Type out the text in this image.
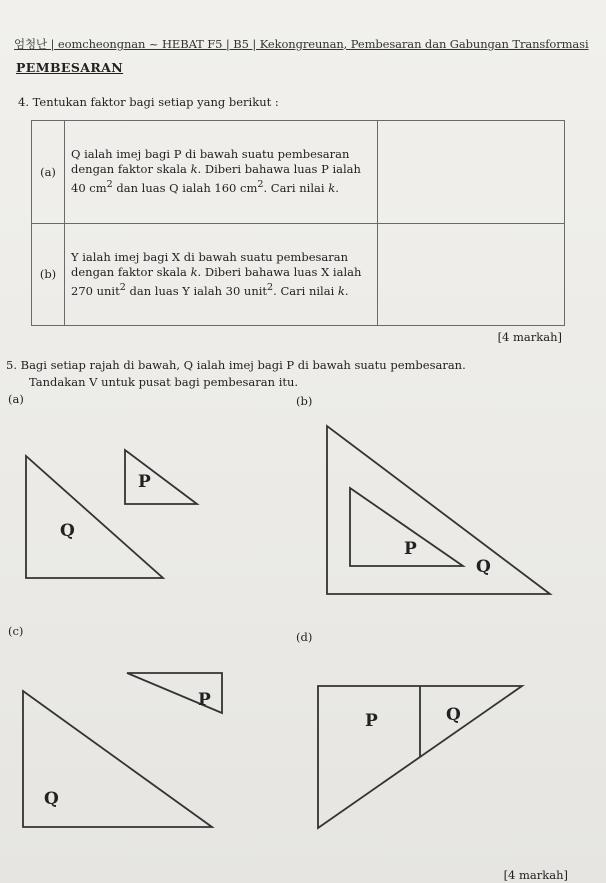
엄청난 | eomcheongnan ~ HEBAT F5 | B5 | Kekongreunan, Pembesaran dan Gabungan Transformasi
PEMBESARAN
4. Tentukan faktor bagi setiap yang berikut :
(a)	Q ialah imej bagi P di bawah suatu pembesaran
dengan faktor skala k. Diberi bahawa luas P ialah
40 $cm^2$ dan luas Q ialah 160 $cm^2$. Cari nilai k.	

(b)	Y ialah imej bagi X di bawah suatu pembesaran
dengan faktor skala k. Diberi bahawa luas X ialah
270 unit$^2$ dan luas Y ialah 30 unit$^2$. Cari nilai k.	

[4 markah]
5. Bagi setiap rajah di bawah, Q ialah imej bagi P di bawah suatu pembesaran.
Tandakan V untuk pusat bagi pembesaran itu.
(a)	(b)
(c)	(d)
P
Q
P
Q
P
Q
P	Q
[4 markah]
